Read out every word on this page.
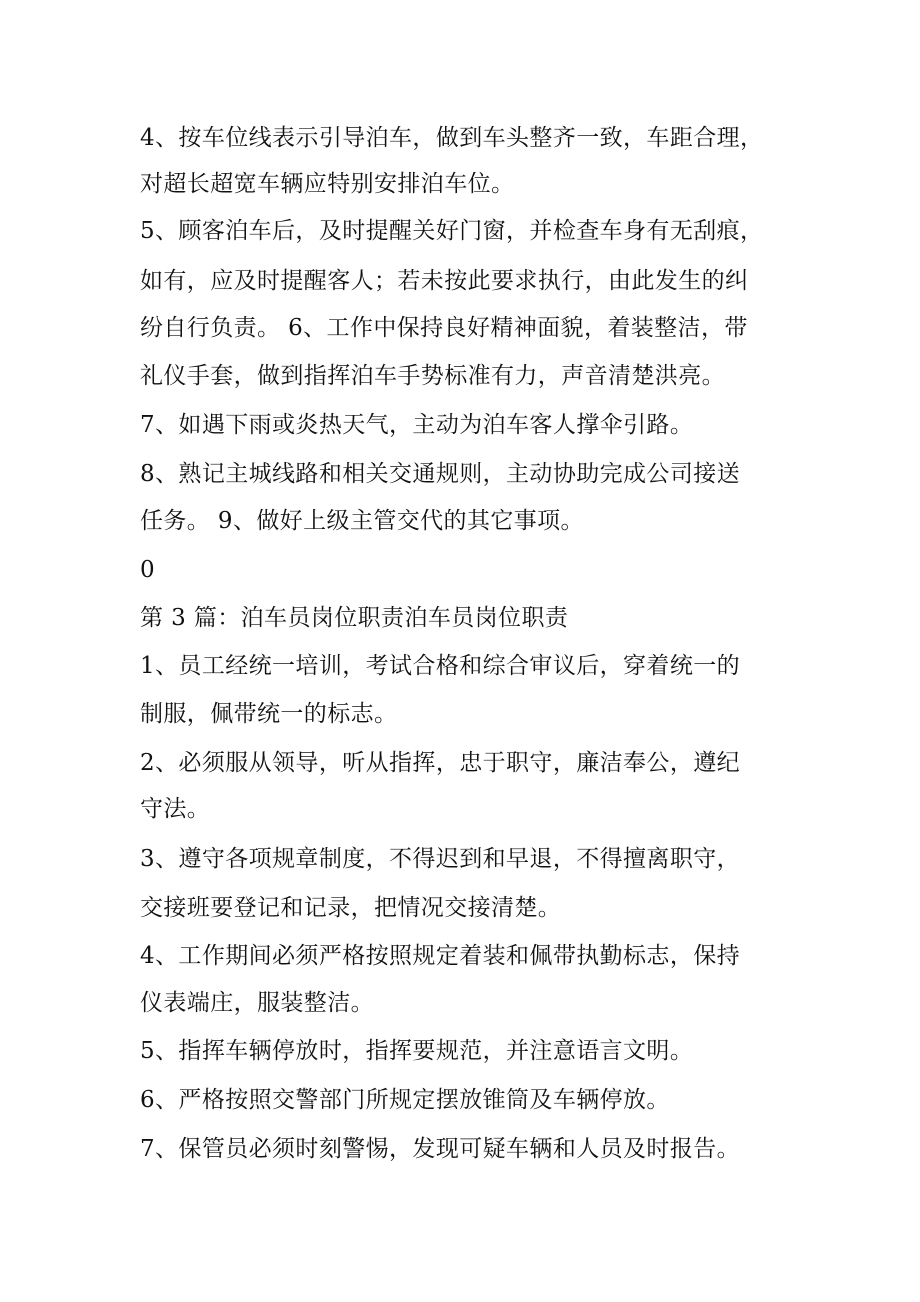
4、按车位线表示引导泊车，做到车头整齐一致，车距合理，
对超长超宽车辆应特别安排泊车位。
5、顾客泊车后，及时提醒关好门窗，并检查车身有无刮痕，
如有，应及时提醒客人；若未按此要求执行，由此发生的纠
纷自行负责。 6、工作中保持良好精神面貌，着装整洁，带
礼仪手套，做到指挥泊车手势标准有力，声音清楚洪亮。
7、如遇下雨或炎热天气，主动为泊车客人撑伞引路。
8、熟记主城线路和相关交通规则，主动协助完成公司接送
任务。 9、做好上级主管交代的其它事项。
0
第 3 篇：泊车员岗位职责泊车员岗位职责
1、员工经统一培训，考试合格和综合审议后，穿着统一的
制服，佩带统一的标志。
2、必须服从领导，听从指挥，忠于职守，廉洁奉公，遵纪
守法。
3、遵守各项规章制度，不得迟到和早退，不得擅离职守，
交接班要登记和记录，把情况交接清楚。
4、工作期间必须严格按照规定着装和佩带执勤标志，保持
仪表端庄，服装整洁。
5、指挥车辆停放时，指挥要规范，并注意语言文明。
6、严格按照交警部门所规定摆放锥筒及车辆停放。
7、保管员必须时刻警惕，发现可疑车辆和人员及时报告。
